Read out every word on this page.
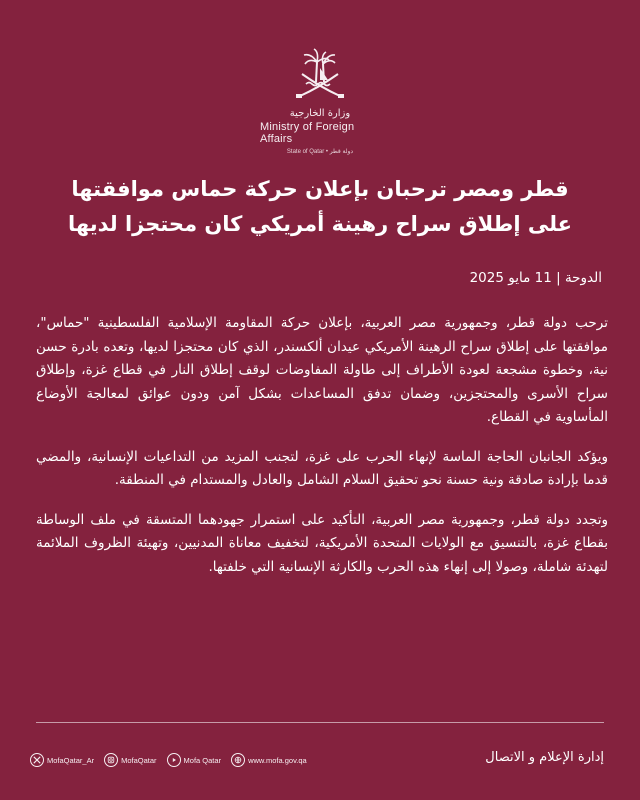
وزارة الخارجية
Ministry of Foreign Affairs
State of Qatar • دولة قطر
قطر ومصر ترحبان بإعلان حركة حماس موافقتها
على إطلاق سراح رهينة أمريكي كان محتجزا لديها
الدوحة | 11 مايو 2025

ترحب دولة قطر، وجمهورية مصر العربية، بإعلان حركة المقاومة الإسلامية الفلسطينية "حماس"، موافقتها على إطلاق سراح الرهينة الأمريكي عيدان ألكسندر، الذي كان محتجزا لديها، وتعده بادرة حسن نية، وخطوة مشجعة لعودة الأطراف إلى طاولة المفاوضات لوقف إطلاق النار في قطاع غزة، وإطلاق سراح الأسرى والمحتجزين، وضمان تدفق المساعدات بشكل آمن ودون عوائق لمعالجة الأوضاع المأساوية في القطاع.

ويؤكد الجانبان الحاجة الماسة لإنهاء الحرب على غزة، لتجنب المزيد من التداعيات الإنسانية، والمضي قدما بإرادة صادقة ونية حسنة نحو تحقيق السلام الشامل والعادل والمستدام في المنطقة.

وتجدد دولة قطر، وجمهورية مصر العربية، التأكيد على استمرار جهودهما المتسقة في ملف الوساطة بقطاع غزة، بالتنسيق مع الولايات المتحدة الأمريكية، لتخفيف معاناة المدنيين، وتهيئة الظروف الملائمة لتهدئة شاملة، وصولا إلى إنهاء هذه الحرب والكارثة الإنسانية التي خلفتها.

MofaQatar_Ar	MofaQatar	Mofa Qatar	www.mofa.gov.qa	إدارة الإعلام و الاتصال
